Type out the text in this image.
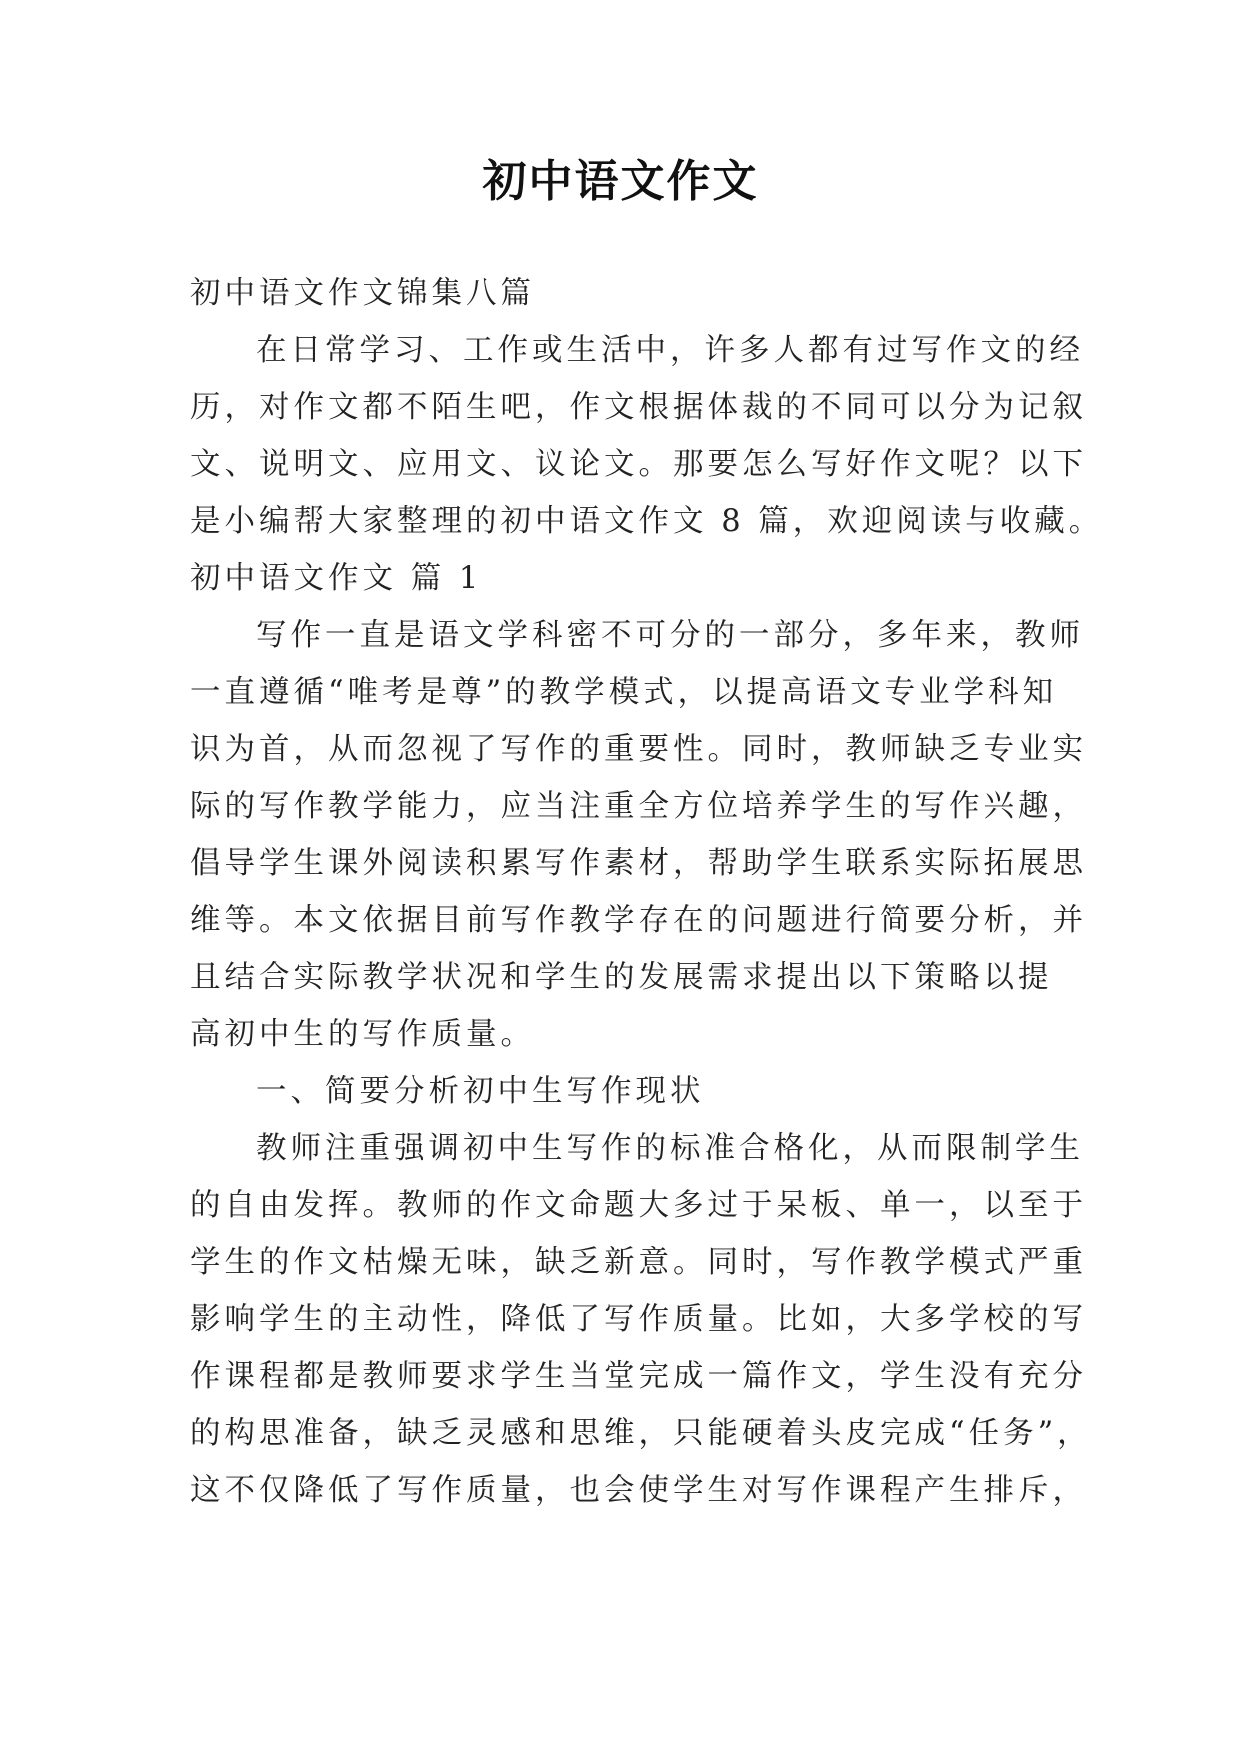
初中语文作文
初中语文作文锦集八篇
在日常学习、工作或生活中，许多人都有过写作文的经
历，对作文都不陌生吧，作文根据体裁的不同可以分为记叙
文、说明文、应用文、议论文。那要怎么写好作文呢？以下
是小编帮大家整理的初中语文作文 8 篇，欢迎阅读与收藏。
初中语文作文 篇 1
写作一直是语文学科密不可分的一部分，多年来，教师
一直遵循“唯考是尊”的教学模式，以提高语文专业学科知
识为首，从而忽视了写作的重要性。同时，教师缺乏专业实
际的写作教学能力，应当注重全方位培养学生的写作兴趣，
倡导学生课外阅读积累写作素材，帮助学生联系实际拓展思
维等。本文依据目前写作教学存在的问题进行简要分析，并
且结合实际教学状况和学生的发展需求提出以下策略以提
高初中生的写作质量。
一、简要分析初中生写作现状
教师注重强调初中生写作的标准合格化，从而限制学生
的自由发挥。教师的作文命题大多过于呆板、单一，以至于
学生的作文枯燥无味，缺乏新意。同时，写作教学模式严重
影响学生的主动性，降低了写作质量。比如，大多学校的写
作课程都是教师要求学生当堂完成一篇作文，学生没有充分
的构思准备，缺乏灵感和思维，只能硬着头皮完成“任务”，
这不仅降低了写作质量，也会使学生对写作课程产生排斥，
